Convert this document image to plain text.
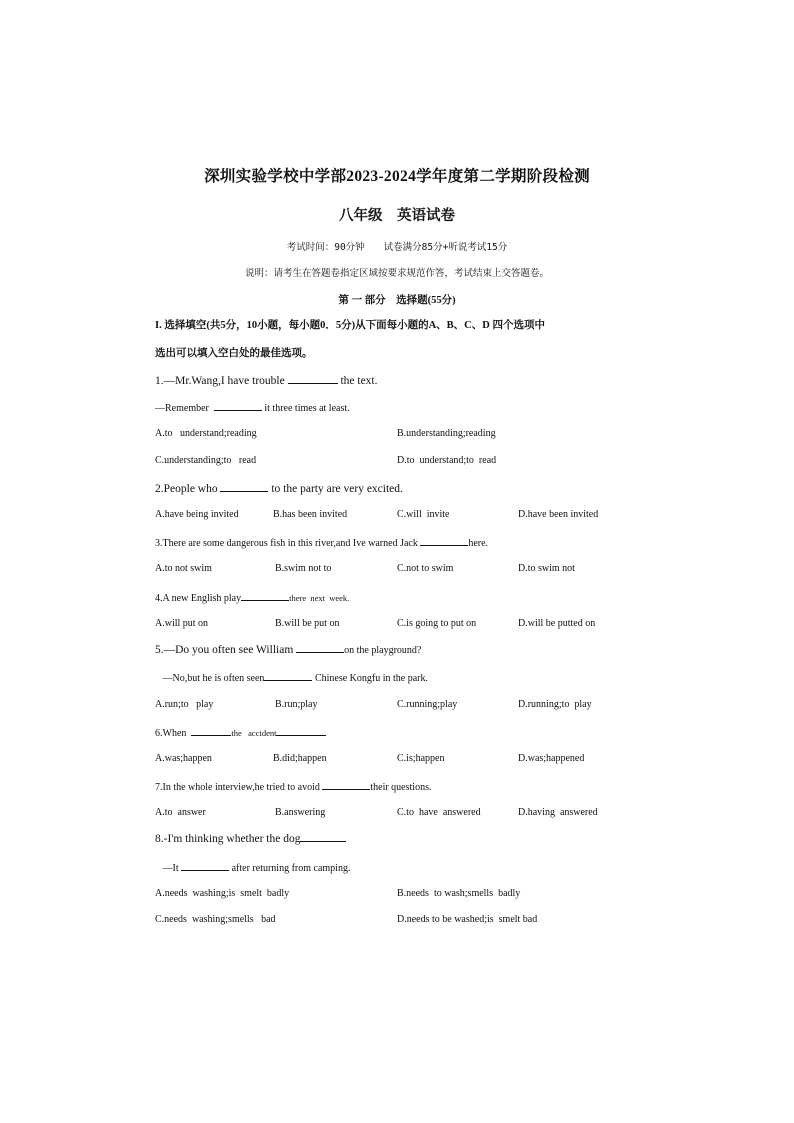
深圳实验学校中学部2023-2024学年度第二学期阶段检测
八年级　英语试卷
考试时间：90分钟　　试卷满分85分+听说考试15分
说明：请考生在答题卷指定区域按要求规范作答，考试结束上交答题卷。
第 一 部分　选择题(55分)
I. 选择填空(共5分，10小题，每小题0．5分)从下面每小题的A、B、C、D 四个选项中
选出可以填入空白处的最佳选项。
1.—Mr.Wang,I have trouble	the text.
—Remember	it three times at least.
A.to   understand;reading	B.understanding;reading
C.understanding;to   read	D.to  understand;to  read
2.People who	to the party are very excited.
A.have being invited	B.has been invited	C.will  invite	D.have been invited
3.There are some dangerous fish in this river,and Ive warned Jack	here.
A.to not swim	B.swim not to	C.not to swim	D.to swim not
4.A new English play	there  next  week.
A.will put on	B.will be put on	C.is going to put on	D.will be putted on
5.—Do you often see William	on the playground?
—No,but he is often seen	Chinese Kongfu in the park.
A.run;to   play	B.run;play	C.running;play	D.running;to  play
6.When	the   accident
A.was;happen	B.did;happen	C.is;happen	D.was;happened
7.In the whole interview,he tried to avoid	their questions.
A.to  answer	B.answering	C.to  have  answered	D.having  answered
8.-I'm thinking whether the dog
—It	after returning from camping.
A.needs  washing;is  smelt  badly	B.needs  to wash;smells  badly
C.needs  washing;smells   bad	D.needs to be washed;is  smelt bad
